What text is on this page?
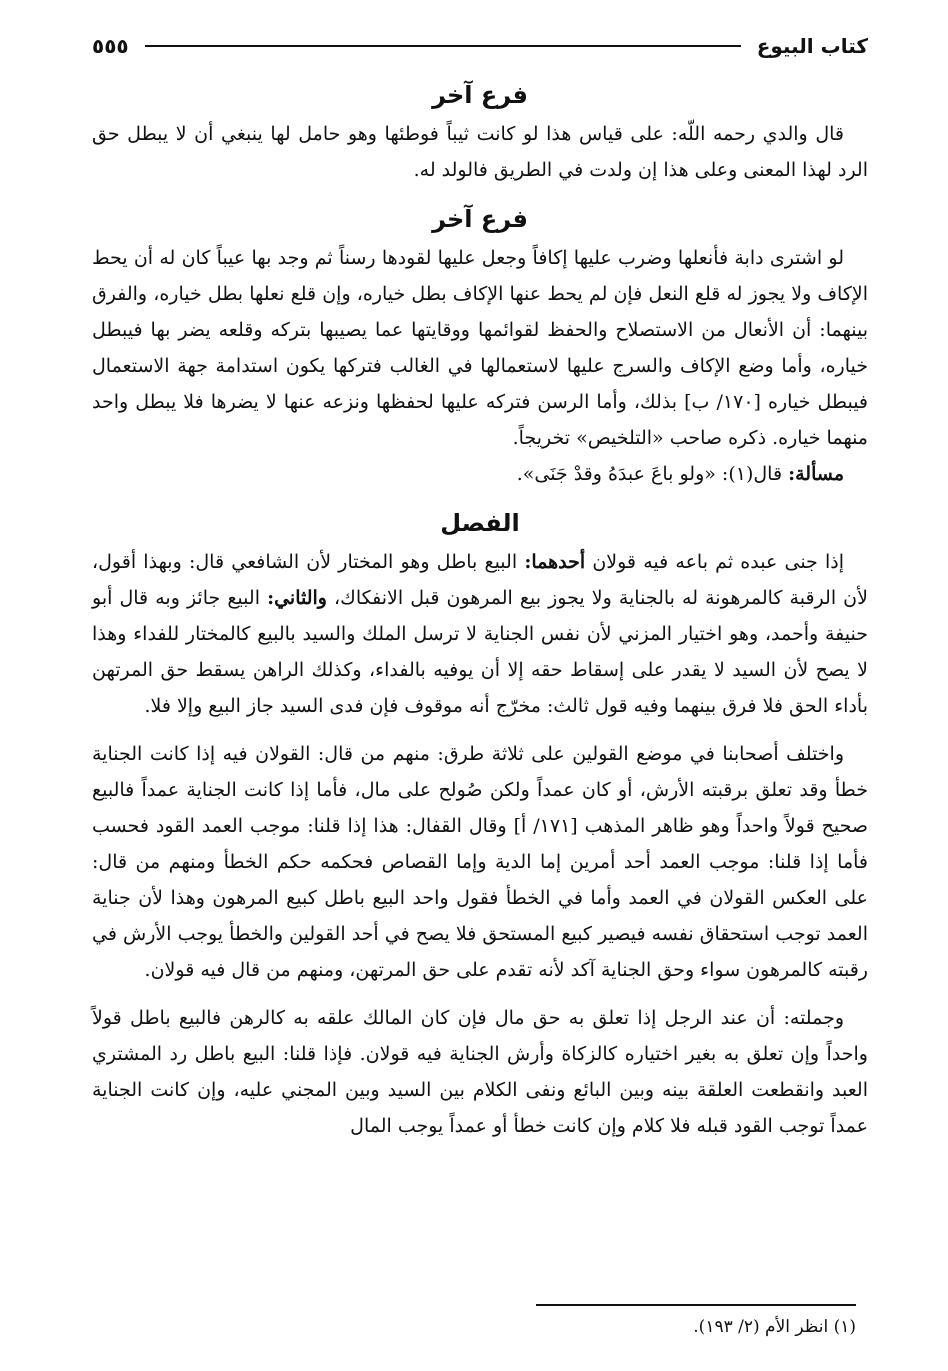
كتاب البيوع
٥٥٥
فرع آخر

قال والدي رحمه اللّه: على قياس هذا لو كانت ثيباً فوطئها وهو حامل لها ينبغي أن لا يبطل حق الرد لهذا المعنى وعلى هذا إن ولدت في الطريق فالولد له.

فرع آخر

لو اشترى دابة فأنعلها وضرب عليها إكافاً وجعل عليها لقودها رسناً ثم وجد بها عيباً كان له أن يحط الإكاف ولا يجوز له قلع النعل فإن لم يحط عنها الإكاف بطل خياره، وإن قلع نعلها بطل خياره، والفرق بينهما: أن الأنعال من الاستصلاح والحفظ لقوائمها ووقايتها عما يصيبها بتركه وقلعه يضر بها فيبطل خياره، وأما وضع الإكاف والسرج عليها لاستعمالها في الغالب فتركها يكون استدامة جهة الاستعمال فيبطل خياره [١٧٠/ ب] بذلك، وأما الرسن فتركه عليها لحفظها ونزعه عنها لا يضرها فلا يبطل واحد منهما خياره. ذكره صاحب «التلخيص» تخريجاً.

مسألة: قال(١): «ولو باعَ عبدَهُ وقدْ جَنَى».

الفصل

إذا جنى عبده ثم باعه فيه قولان أحدهما: البيع باطل وهو المختار لأن الشافعي قال: وبهذا أقول، لأن الرقبة كالمرهونة له بالجناية ولا يجوز بيع المرهون قبل الانفكاك، والثاني: البيع جائز وبه قال أبو حنيفة وأحمد، وهو اختيار المزني لأن نفس الجناية لا ترسل الملك والسيد بالبيع كالمختار للفداء وهذا لا يصح لأن السيد لا يقدر على إسقاط حقه إلا أن يوفيه بالفداء، وكذلك الراهن يسقط حق المرتهن بأداء الحق فلا فرق بينهما وفيه قول ثالث: مخرّج أنه موقوف فإن فدى السيد جاز البيع وإلا فلا.

واختلف أصحابنا في موضع القولين على ثلاثة طرق: منهم من قال: القولان فيه إذا كانت الجناية خطأ وقد تعلق برقبته الأرش، أو كان عمداً ولكن صُولح على مال، فأما إذا كانت الجناية عمداً فالبيع صحيح قولاً واحداً وهو ظاهر المذهب [١٧١/ أ] وقال القفال: هذا إذا قلنا: موجب العمد القود فحسب فأما إذا قلنا: موجب العمد أحد أمرين إما الدية وإما القصاص فحكمه حكم الخطأ ومنهم من قال: على العكس القولان في العمد وأما في الخطأ فقول واحد البيع باطل كبيع المرهون وهذا لأن جناية العمد توجب استحقاق نفسه فيصير كبيع المستحق فلا يصح في أحد القولين والخطأ يوجب الأرش في رقبته كالمرهون سواء وحق الجناية آكد لأنه تقدم على حق المرتهن، ومنهم من قال فيه قولان.

وجملته: أن عند الرجل إذا تعلق به حق مال فإن كان المالك علقه به كالرهن فالبيع باطل قولاً واحداً وإن تعلق به بغير اختياره كالزكاة وأرش الجناية فيه قولان. فإذا قلنا: البيع باطل رد المشتري العبد وانقطعت العلقة بينه وبين البائع ونفى الكلام بين السيد وبين المجني عليه، وإن كانت الجناية عمداً توجب القود قبله فلا كلام وإن كانت خطأ أو عمداً يوجب المال

(١) انظر الأم (٢/ ١٩٣).
